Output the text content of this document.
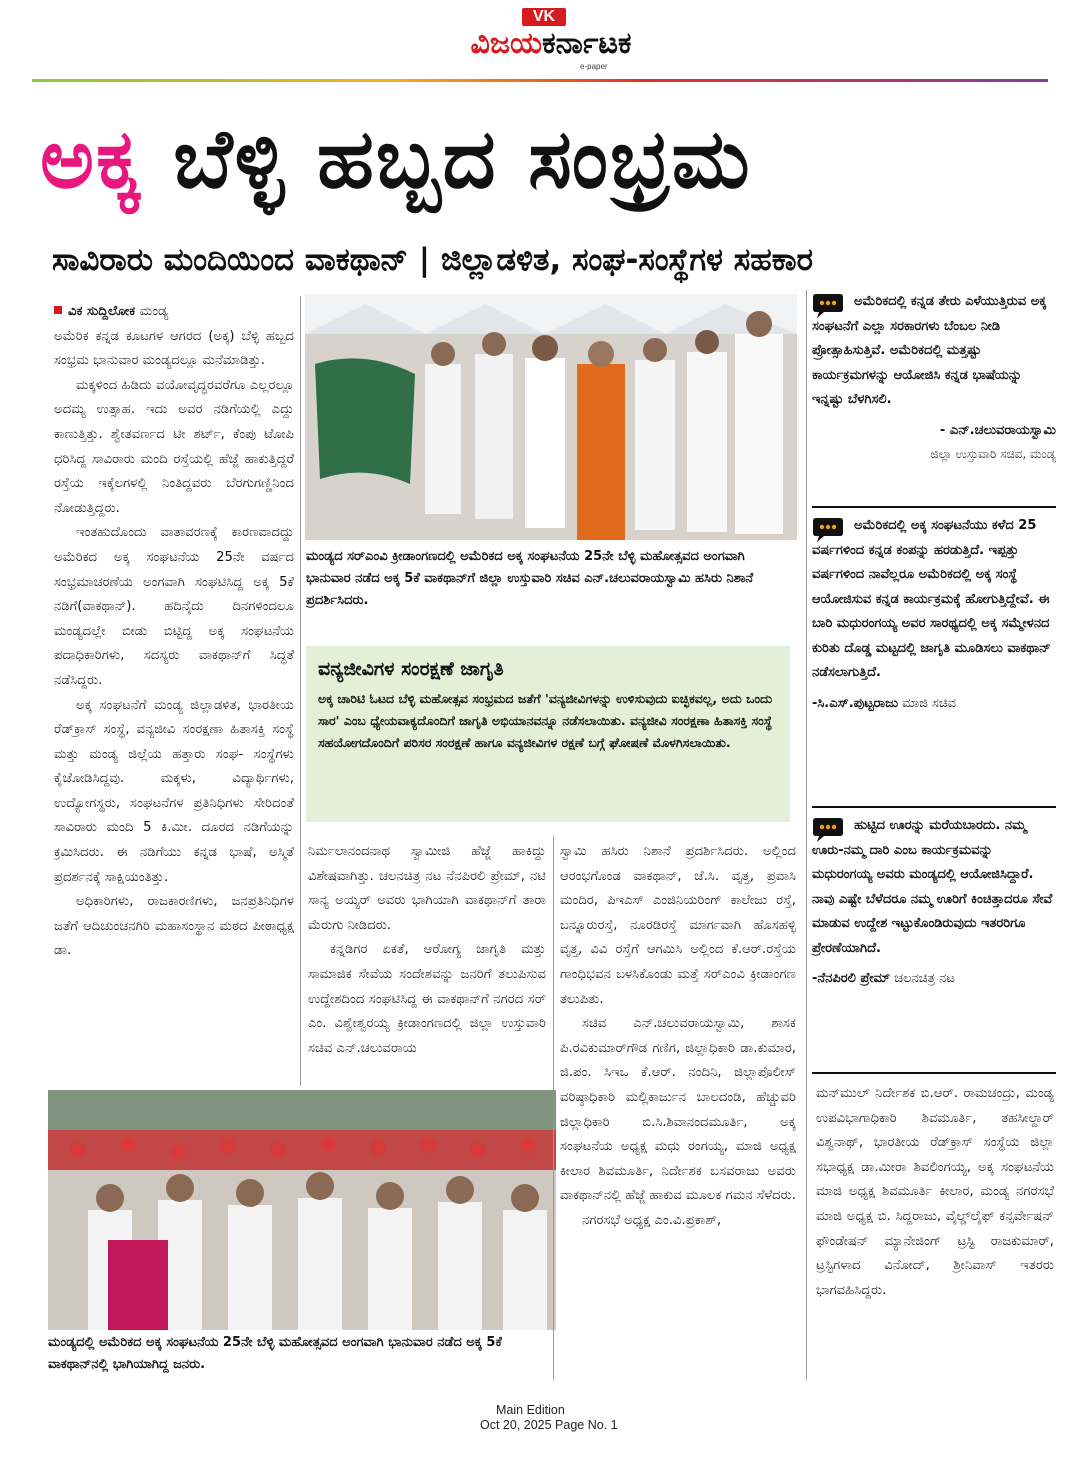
VK
ವಿಜಯಕರ್ನಾಟಕ
e-paper
ಅಕ್ಕ ಬೆಳ್ಳಿ ಹಬ್ಬದ ಸಂಭ್ರಮ
ಸಾವಿರಾರು ಮಂದಿಯಿಂದ ವಾಕಥಾನ್ | ಜಿಲ್ಲಾಡಳಿತ, ಸಂಘ-ಸಂಸ್ಥೆಗಳ ಸಹಕಾರ

ವಿಕ ಸುದ್ದಿಲೋಕ ಮಂಡ್ಯ

ಅಮೆರಿಕ ಕನ್ನಡ ಕೂಟಗಳ ಆಗರದ (ಅಕ್ಕ) ಬೆಳ್ಳಿ ಹಬ್ಬದ ಸಂಭ್ರಮ ಭಾನುವಾರ ಮಂಡ್ಯದಲ್ಲೂ ಮನೆಮಾಡಿತ್ತು.

ಮಕ್ಕಳಿಂದ ಹಿಡಿದು ವಯೋವೃದ್ಧರವರೆಗೂ ಎಲ್ಲರಲ್ಲೂ ಅದಮ್ಯ ಉತ್ಸಾಹ. ಇದು ಅವರ ನಡಿಗೆಯಲ್ಲಿ ಎದ್ದು ಕಾಣುತ್ತಿತ್ತು. ಶ್ವೇತವರ್ಣದ ಟೀ ಶರ್ಟ್, ಕೆಂಪು ಟೋಪಿ ಧರಿಸಿದ್ದ ಸಾವಿರಾರು ಮಂದಿ ರಸ್ತೆಯಲ್ಲಿ ಹೆಜ್ಜೆ ಹಾಕುತ್ತಿದ್ದರೆ ರಸ್ತೆಯ ಇಕ್ಕೆಲಗಳಲ್ಲಿ ನಿಂತಿದ್ದವರು ಬೆರಗುಗಣ್ಣಿನಿಂದ ನೋಡುತ್ತಿದ್ದರು.

ಇಂತಹುದೊಂದು ವಾತಾವರಣಕ್ಕೆ ಕಾರಣವಾದದ್ದು ಅಮೆರಿಕದ ಅಕ್ಕ ಸಂಘಟನೆಯ 25ನೇ ವರ್ಷದ ಸಂಭ್ರಮಾಚರಣೆಯ ಅಂಗವಾಗಿ ಸಂಘಟಿಸಿದ್ದ ಅಕ್ಕ 5ಕೆ ನಡಿಗೆ(ವಾಕಥಾನ್). ಹದಿನೈದು ದಿನಗಳಿಂದಲೂ ಮಂಡ್ಯದಲ್ಲೇ ಬೀಡು ಬಿಟ್ಟಿದ್ದ ಅಕ್ಕ ಸಂಘಟನೆಯ ಪದಾಧಿಕಾರಿಗಳು, ಸದಸ್ಯರು ವಾಕಥಾನ್‌ಗೆ ಸಿದ್ಧತೆ ನಡೆಸಿದ್ದರು.

ಅಕ್ಕ ಸಂಘಟನೆಗೆ ಮಂಡ್ಯ ಜಿಲ್ಲಾಡಳಿತ, ಭಾರತೀಯ ರೆಡ್‌ಕ್ರಾಸ್ ಸಂಸ್ಥೆ, ವನ್ಯಜೀವಿ ಸಂರಕ್ಷಣಾ ಹಿತಾಸಕ್ತಿ ಸಂಸ್ಥೆ ಮತ್ತು ಮಂಡ್ಯ ಜಿಲ್ಲೆಯ ಹತ್ತಾರು ಸಂಘ- ಸಂಸ್ಥೆಗಳು ಕೈಜೋಡಿಸಿದ್ದವು. ಮಕ್ಕಳು, ವಿದ್ಯಾರ್ಥಿಗಳು, ಉದ್ಯೋಗಸ್ಥರು, ಸಂಘಟನೆಗಳ ಪ್ರತಿನಿಧಿಗಳು ಸೇರಿದಂತೆ ಸಾವಿರಾರು ಮಂದಿ 5 ಕಿ.ಮೀ. ದೂರದ ನಡಿಗೆಯನ್ನು ಕ್ರಮಿಸಿದರು. ಈ ನಡಿಗೆಯು ಕನ್ನಡ ಭಾಷೆ, ಅಸ್ಮಿತೆ ಪ್ರದರ್ಶನಕ್ಕೆ ಸಾಕ್ಷಿಯಂತಿತ್ತು.

ಅಧಿಕಾರಿಗಳು, ರಾಜಕಾರಣಿಗಳು, ಜನಪ್ರತಿನಿಧಿಗಳ ಜತೆಗೆ ಆದಿಚುಂಚನಗಿರಿ ಮಹಾಸಂಸ್ಥಾನ ಮಠದ ಪೀಠಾಧ್ಯಕ್ಷ ಡಾ.

ಮಂಡ್ಯದ ಸರ್‌ಎಂವಿ ಕ್ರೀಡಾಂಗಣದಲ್ಲಿ ಅಮೆರಿಕದ ಅಕ್ಕ ಸಂಘಟನೆಯ 25ನೇ ಬೆಳ್ಳಿ ಮಹೋತ್ಸವದ ಅಂಗವಾಗಿ ಭಾನುವಾರ ನಡೆದ ಅಕ್ಕ 5ಕೆ ವಾಕಥಾನ್‌ಗೆ ಜಿಲ್ಲಾ ಉಸ್ತುವಾರಿ ಸಚಿವ ಎನ್.ಚಲುವರಾಯಸ್ವಾಮಿ ಹಸಿರು ನಿಶಾನೆ ಪ್ರದರ್ಶಿಸಿದರು.
ವನ್ಯಜೀವಿಗಳ ಸಂರಕ್ಷಣೆ ಜಾಗೃತಿ
ಅಕ್ಕ ಚಾರಿಟಿ ಓಟದ ಬೆಳ್ಳಿ ಮಹೋತ್ಸವ ಸಂಭ್ರಮದ ಜತೆಗೆ 'ವನ್ಯಜೀವಿಗಳನ್ನು ಉಳಿಸುವುದು ಐಚ್ಛಿಕವಲ್ಲ, ಅದು ಒಂದು ಸಾರ' ಎಂಬ ಧ್ಯೇಯವಾಕ್ಯದೊಂದಿಗೆ ಜಾಗೃತಿ ಅಭಿಯಾನವನ್ನೂ ನಡೆಸಲಾಯಿತು. ವನ್ಯಜೀವಿ ಸಂರಕ್ಷಣಾ ಹಿತಾಸಕ್ತಿ ಸಂಸ್ಥೆ ಸಹಯೋಗದೊಂದಿಗೆ ಪರಿಸರ ಸಂರಕ್ಷಣೆ ಹಾಗೂ ವನ್ಯಜೀವಿಗಳ ರಕ್ಷಣೆ ಬಗ್ಗೆ ಘೋಷಣೆ ಮೊಳಗಿಸಲಾಯಿತು.

ನಿರ್ಮಲಾನಂದನಾಥ ಸ್ವಾಮೀಜಿ ಹೆಜ್ಜೆ ಹಾಕಿದ್ದು ವಿಶೇಷವಾಗಿತ್ತು. ಚಲನಚಿತ್ರ ನಟ ನೆನಪಿರಲಿ ಪ್ರೇಮ್, ನಟಿ ಸಾನ್ಯ ಅಯ್ಯರ್ ಅವರು ಭಾಗಿಯಾಗಿ ವಾಕಥಾನ್‌ಗೆ ತಾರಾ ಮೆರುಗು ನೀಡಿದರು.

ಕನ್ನಡಿಗರ ಏಕತೆ, ಆರೋಗ್ಯ ಜಾಗೃತಿ ಮತ್ತು ಸಾಮಾಜಿಕ ಸೇವೆಯ ಸಂದೇಶವನ್ನು ಜನರಿಗೆ ತಲುಪಿಸುವ ಉದ್ದೇಶದಿಂದ ಸಂಘಟಿಸಿದ್ದ ಈ ವಾಕಥಾನ್‌ಗೆ ನಗರದ ಸರ್ ಎಂ. ವಿಶ್ವೇಶ್ವರಯ್ಯ ಕ್ರೀಡಾಂಗಣದಲ್ಲಿ ಜಿಲ್ಲಾ ಉಸ್ತುವಾರಿ ಸಚಿವ ಎನ್.ಚಲುವರಾಯ

ಸ್ವಾಮಿ ಹಸಿರು ನಿಶಾನೆ ಪ್ರದರ್ಶಿಸಿದರು. ಅಲ್ಲಿಂದ ಆರಂಭಗೊಂಡ ವಾಕಥಾನ್, ಜೆ.ಸಿ. ವೃತ್ತ, ಪ್ರವಾಸಿ ಮಂದಿರ, ಪಿಇಎಸ್ ಎಂಜಿನಿಯರಿಂಗ್ ಕಾಲೇಜು ರಸ್ತೆ, ಬನ್ನೂರುರಸ್ತೆ, ನೂರಡಿರಸ್ತೆ ಮಾರ್ಗವಾಗಿ ಹೊಸಹಳ್ಳಿ ವೃತ್ತ, ವಿವಿ ರಸ್ತೆಗೆ ಆಗಮಿಸಿ ಅಲ್ಲಿಂದ ಕೆ.ಆರ್.ರಸ್ತೆಯ ಗಾಂಧಿಭವನ ಬಳಸಿಕೊಂಡು ಮತ್ತೆ ಸರ್‌ಎಂವಿ ಕ್ರೀಡಾಂಗಣ ತಲುಪಿತು.

ಸಚಿವ ಎನ್.ಚಲುವರಾಯಸ್ವಾಮಿ, ಶಾಸಕ ಪಿ.ರವಿಕುಮಾರ್‌ಗೌಡ ಗಣಿಗ, ಜಿಲ್ಲಾಧಿಕಾರಿ ಡಾ.ಕುಮಾರ, ಜಿ.ಪಂ. ಸಿಇಒ ಕೆ.ಆರ್. ನಂದಿನಿ, ಜಿಲ್ಲಾಪೊಲೀಸ್ ವರಿಷ್ಠಾಧಿಕಾರಿ ಮಲ್ಲಿಕಾರ್ಜುನ ಬಾಲದಂಡಿ, ಹೆಚ್ಚುವರಿ ಜಿಲ್ಲಾಧಿಕಾರಿ ಬಿ.ಸಿ.ಶಿವಾನಂದಮೂರ್ತಿ, ಅಕ್ಕ ಸಂಘಟನೆಯ ಅಧ್ಯಕ್ಷ ಮಧು ರಂಗಯ್ಯ, ಮಾಜಿ ಅಧ್ಯಕ್ಷ ಕೀಲಾರ ಶಿವಮೂರ್ತಿ, ನಿರ್ದೇಶಕ ಬಸವರಾಜು ಅವರು ವಾಕಥಾನ್‌ನಲ್ಲಿ ಹೆಜ್ಜೆ ಹಾಕುವ ಮೂಲಕ ಗಮನ ಸೆಳೆದರು.

ನಗರಸಭೆ ಅಧ್ಯಕ್ಷ ಎಂ.ವಿ.ಪ್ರಕಾಶ್,

ಮಂಡ್ಯದಲ್ಲಿ ಅಮೆರಿಕದ ಅಕ್ಕ ಸಂಘಟನೆಯ 25ನೇ ಬೆಳ್ಳಿ ಮಹೋತ್ಸವದ ಅಂಗವಾಗಿ ಭಾನುವಾರ ನಡೆದ ಅಕ್ಕ 5ಕೆ ವಾಕಥಾನ್‌ನಲ್ಲಿ ಭಾಗಿಯಾಗಿದ್ದ ಜನರು.

ಮನ್‌ಮುಲ್ ನಿರ್ದೇಶಕ ಬಿ.ಆರ್. ರಾಮಚಂದ್ರು, ಮಂಡ್ಯ ಉಪವಿಭಾಗಾಧಿಕಾರಿ ಶಿವಮೂರ್ತಿ, ತಹಸೀಲ್ದಾರ್ ವಿಶ್ವನಾಥ್, ಭಾರತೀಯ ರೆಡ್‌ಕ್ರಾಸ್ ಸಂಸ್ಥೆಯ ಜಿಲ್ಲಾ ಸಭಾಧ್ಯಕ್ಷ ಡಾ.ಮೀರಾ ಶಿವಲಿಂಗಯ್ಯ, ಅಕ್ಕ ಸಂಘಟನೆಯ ಮಾಜಿ ಅಧ್ಯಕ್ಷ ಶಿವಮೂರ್ತಿ ಕೀಲಾರ, ಮಂಡ್ಯ ನಗರಸಭೆ ಮಾಜಿ ಅಧ್ಯಕ್ಷ ಬಿ. ಸಿದ್ದರಾಜು, ವೈಲ್ಡ್‌ಲೈಫ್ ಕನ್ಸರ್ವೇಷನ್ ಫೌಂಡೇಷನ್ ಮ್ಯಾನೇಜಿಂಗ್ ಟ್ರಸ್ಟಿ ರಾಜಕುಮಾರ್, ಟ್ರಸ್ಟಿಗಳಾದ ವಿನೋದ್, ಶ್ರೀನಿವಾಸ್ ಇತರರು ಭಾಗವಹಿಸಿದ್ದರು.

ಅಮೆರಿಕದಲ್ಲಿ ಕನ್ನಡ ತೇರು ಎಳೆಯುತ್ತಿರುವ ಅಕ್ಕ ಸಂಘಟನೆಗೆ ಎಲ್ಲಾ ಸರಕಾರಗಳು ಬೆಂಬಲ ನೀಡಿ ಪ್ರೋತ್ಸಾಹಿಸುತ್ತಿವೆ. ಅಮೆರಿಕದಲ್ಲಿ ಮತ್ತಷ್ಟು ಕಾರ್ಯಕ್ರಮಗಳನ್ನು ಆಯೋಜಿಸಿ ಕನ್ನಡ ಭಾಷೆಯನ್ನು ಇನ್ನಷ್ಟು ಬೆಳಗಿಸಲಿ.
- ಎನ್.ಚಲುವರಾಯಸ್ವಾಮಿ
ಜಿಲ್ಲಾ ಉಸ್ತುವಾರಿ ಸಚಿವ, ಮಂಡ್ಯ
ಅಮೆರಿಕದಲ್ಲಿ ಅಕ್ಕ ಸಂಘಟನೆಯು ಕಳೆದ 25 ವರ್ಷಗಳಿಂದ ಕನ್ನಡ ಕಂಪನ್ನು ಹರಡುತ್ತಿದೆ. ಇಪ್ಪತ್ತು ವರ್ಷಗಳಿಂದ ನಾವೆಲ್ಲರೂ ಅಮೆರಿಕದಲ್ಲಿ ಅಕ್ಕ ಸಂಸ್ಥೆ ಆಯೋಜಿಸುವ ಕನ್ನಡ ಕಾರ್ಯಕ್ರಮಕ್ಕೆ ಹೋಗುತ್ತಿದ್ದೇವೆ. ಈ ಬಾರಿ ಮಧುರಂಗಯ್ಯ ಅವರ ಸಾರಥ್ಯದಲ್ಲಿ ಅಕ್ಕ ಸಮ್ಮೇಳನದ ಕುರಿತು ದೊಡ್ಡ ಮಟ್ಟದಲ್ಲಿ ಜಾಗೃತಿ ಮೂಡಿಸಲು ವಾಕಥಾನ್ ನಡೆಸಲಾಗುತ್ತಿದೆ.
-ಸಿ.ಎಸ್.ಪುಟ್ಟರಾಜು ಮಾಜಿ ಸಚಿವ
ಹುಟ್ಟಿದ ಊರನ್ನು ಮರೆಯಬಾರದು. ನಮ್ಮ ಊರು-ನಮ್ಮ ದಾರಿ ಎಂಬ ಕಾರ್ಯಕ್ರಮವನ್ನು ಮಧುರಂಗಯ್ಯ ಅವರು ಮಂಡ್ಯದಲ್ಲಿ ಆಯೋಜಿಸಿದ್ದಾರೆ. ನಾವು ಎಷ್ಟೇ ಬೆಳೆದರೂ ನಮ್ಮ ಊರಿಗೆ ಕಿಂಚಿತ್ತಾದರೂ ಸೇವೆ ಮಾಡುವ ಉದ್ದೇಶ ಇಟ್ಟುಕೊಂಡಿರುವುದು ಇತರರಿಗೂ ಪ್ರೇರಣೆಯಾಗಿದೆ.
-ನೆನಪಿರಲಿ ಪ್ರೇಮ್ ಚಲನಚಿತ್ರ ನಟ
Main Edition
Oct 20, 2025 Page No. 1
